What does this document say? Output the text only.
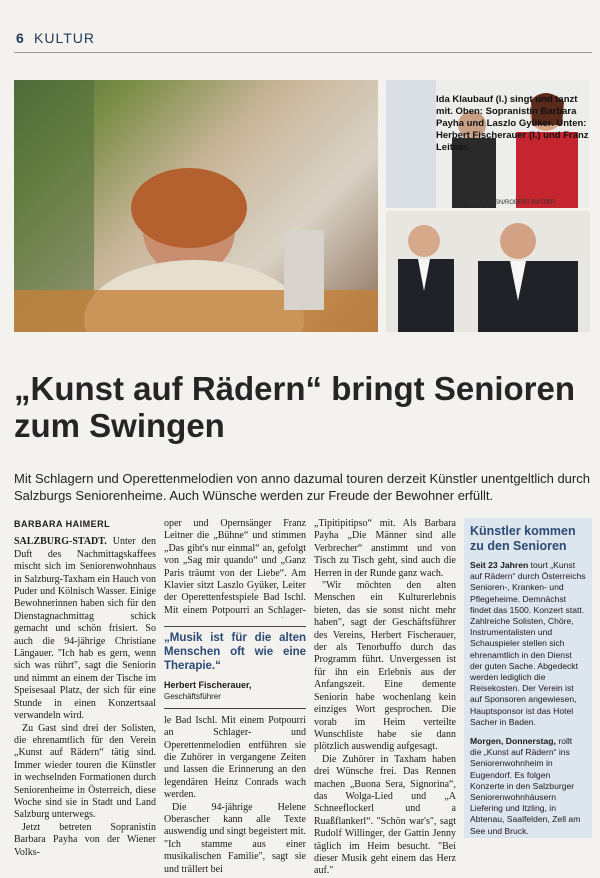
6 KULTUR
Ida Klaubauf (l.) singt und tanzt mit. Oben: Sopranistin Barbara Payha und Laszlo Gyüker. Unten: Herbert Fischerauer (l.) und Franz Leitner.
BILDER: SN/ROBERT RATZER
„Kunst auf Rädern“ bringt Senioren zum Swingen
Mit Schlagern und Operettenmelodien von anno dazumal touren derzeit Künstler unentgeltlich durch Salzburgs Seniorenheime. Auch Wünsche werden zur Freude der Bewohner erfüllt.
BARBARA HAIMERL

SALZBURG-STADT. Unter den Duft des Nachmittagskaffees mischt sich im Seniorenwohnhaus in Salzburg-Taxham ein Hauch von Puder und Kölnisch Wasser. Einige Bewohnerinnen haben sich für den Dienstagnachmittag schick gemacht und schön frisiert. So auch die 94-jährige Christiane Längauer. "Ich hab es gern, wenn sich was rührt", sagt die Seniorin und nimmt an einem der Tische im Speisesaal Platz, der sich für eine Stunde in einen Konzertsaal verwandeln wird.

Zu Gast sind drei der Solisten, die ehrenamtlich für den Verein „Kunst auf Rädern“ tätig sind. Immer wieder touren die Künstler in wechselnden Formationen durch Seniorenheime in Österreich, diese Woche sind sie in Stadt und Land Salzburg unterwegs.

Jetzt betreten Sopranistin Barbara Payha von der Wiener Volks-

oper und Opernsänger Franz Leitner die „Bühne“ und stimmen „Das gibt's nur einmal“ an, gefolgt von „Sag mir quando“ und „Ganz Paris träumt von der Liebe“. Am Klavier sitzt Laszlo Gyüker, Leiter der Operettenfestspiele Bad Ischl. Mit einem Potpourri an Schlager-

„Musik ist für die alten Menschen oft wie eine Therapie.“
Herbert Fischerauer,
Geschäftsführer

le Bad Ischl. Mit einem Potpourri an Schlager- und Operettenmelodien entführen sie die Zuhörer in vergangene Zeiten und lassen die Erinnerung an den legendären Heinz Conrads wach werden.

Die 94-jährige Helene Oberascher kann alle Texte auswendig und singt begeistert mit. "Ich stamme aus einer musikalischen Familie", sagt sie und trällert bei

„Tipitipitipso“ mit. Als Barbara Payha „Die Männer sind alle Verbrecher“ anstimmt und von Tisch zu Tisch geht, sind auch die Herren in der Runde ganz wach.

"Wir möchten den alten Menschen ein Kulturerlebnis bieten, das sie sonst nicht mehr haben", sagt der Geschäftsführer des Vereins, Herbert Fischerauer, der als Tenorbuffo durch das Programm führt. Unvergessen ist für ihn ein Erlebnis aus der Anfangszeit. Eine demente Seniorin habe wochenlang kein einziges Wort gesprochen. Die vorab im Heim verteilte Wunschliste habe sie dann plötzlich auswendig aufgesagt.

Die Zuhörer in Taxham haben drei Wünsche frei. Das Rennen machen „Buona Sera, Signorina“, das Wolga-Lied und „A Schneeflockerl und a Ruaßflankerl“. "Schön war's", sagt Rudolf Willinger, der Gattin Jenny täglich im Heim besucht. "Bei dieser Musik geht einem das Herz auf."

Künstler kommen zu den Senioren

Seit 23 Jahren tourt „Kunst auf Rädern“ durch Österreichs Senioren-, Kranken- und Pflegeheime. Demnächst findet das 1500. Konzert statt. Zahlreiche Solisten, Chöre, Instrumentalisten und Schauspieler stellen sich ehrenamtlich in den Dienst der guten Sache. Abgedeckt werden lediglich die Reisekosten. Der Verein ist auf Sponsoren angewiesen, Hauptsponsor ist das Hotel Sacher in Baden.

Morgen, Donnerstag, rollt die „Kunst auf Rädern“ ins Seniorenwohnheim in Eugendorf. Es folgen Konzerte in den Salzburger Seniorenwohnhäusern Liefering und Itzling, in Abtenau, Saalfelden, Zell am See und Bruck.
